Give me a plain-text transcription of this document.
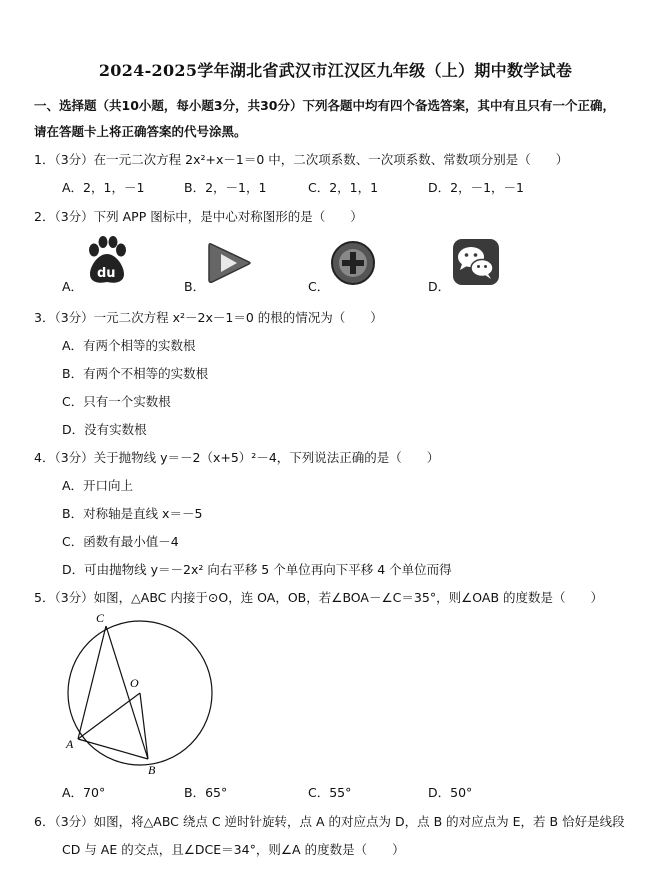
2024-2025学年湖北省武汉市江汉区九年级（上）期中数学试卷
一、选择题（共10小题，每小题3分，共30分）下列各题中均有四个备选答案，其中有且只有一个正确，
请在答题卡上将正确答案的代号涂黑。
1．（3分）在一元二次方程 2x²+x－1＝0 中，二次项系数、一次项系数、常数项分别是（　　）
A．2，1，－1	B．2，－1，1	C．2，1，1	D．2，－1，－1
2．（3分）下列 APP 图标中，是中心对称图形的是（　　）
A．	B．	C．	D．
du
3．（3分）一元二次方程 x²－2x－1＝0 的根的情况为（　　）
A．有两个相等的实数根
B．有两个不相等的实数根
C．只有一个实数根
D．没有实数根
4．（3分）关于抛物线 y＝－2（x+5）²－4，下列说法正确的是（　　）
A．开口向上
B．对称轴是直线 x＝－5
C．函数有最小值－4
D．可由抛物线 y＝－2x² 向右平移 5 个单位再向下平移 4 个单位而得
5．（3分）如图，△ABC 内接于⊙O，连 OA，OB，若∠BOA－∠C＝35°，则∠OAB 的度数是（　　）
C
O
A
B
A．70°	B．65°	C．55°	D．50°
6．（3分）如图，将△ABC 绕点 C 逆时针旋转，点 A 的对应点为 D，点 B 的对应点为 E，若 B 恰好是线段
CD 与 AE 的交点，且∠DCE＝34°，则∠A 的度数是（　　）
